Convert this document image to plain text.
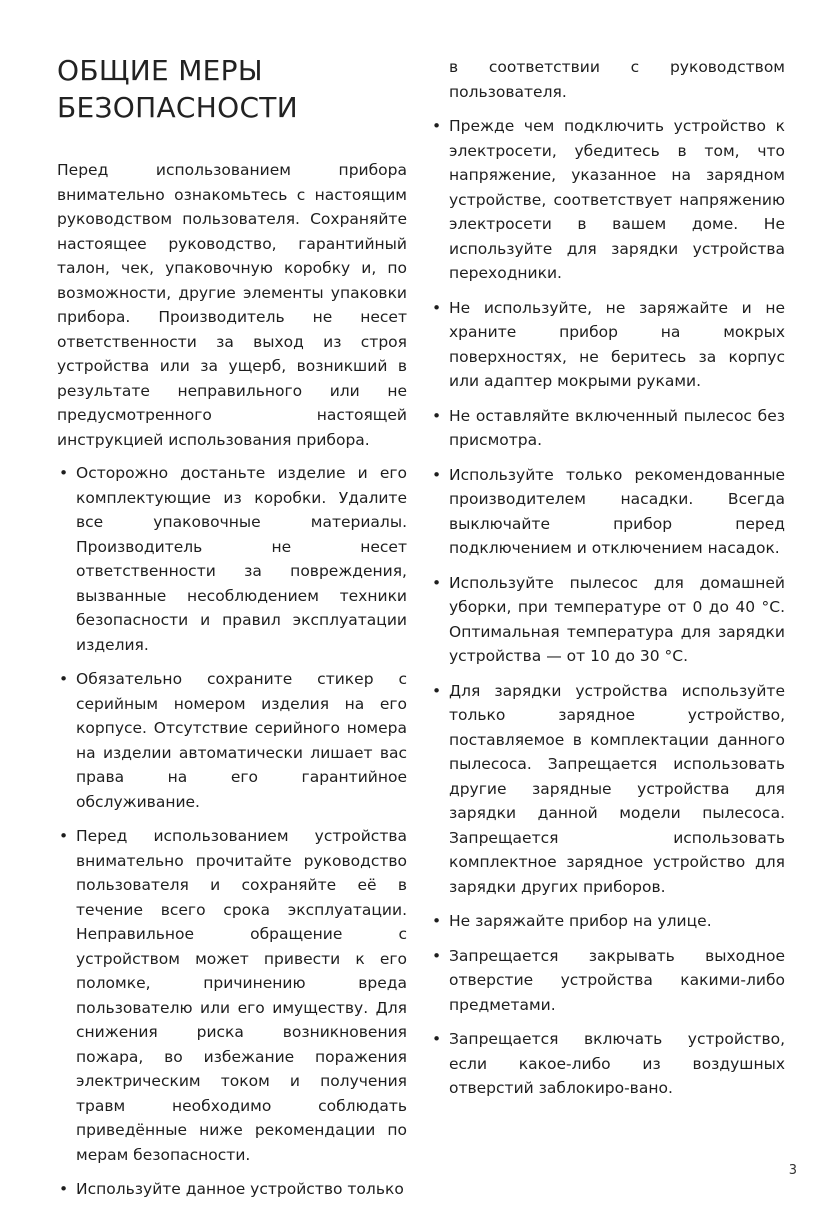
ОБЩИЕ МЕРЫ
БЕЗОПАСНОСТИ

Перед использованием прибора внимательно ознакомьтесь с настоящим руководством пользователя. Сохраняйте настоящее руководство, гарантийный талон, чек, упаковочную коробку и, по возможности, другие элементы упаковки прибора. Производитель не несет ответственности за выход из строя устройства или за ущерб, возникший в результате неправильного или не предусмотренного настоящей инструкцией использования прибора.

• Осторожно достаньте изделие и его комплектующие из коробки. Удалите все упаковочные материалы. Производитель не несет ответственности за повреждения, вызванные несоблюдением техники безопасности и правил эксплуатации изделия.
• Обязательно сохраните стикер с серийным номером изделия на его корпусе. Отсутствие серийного номера на изделии автоматически лишает вас права на его гарантийное обслуживание.
• Перед использованием устройства внимательно прочитайте руководство пользователя и сохраняйте её в течение всего срока эксплуатации. Неправильное обращение с устройством может привести к его поломке, причинению вреда пользователю или его имуществу. Для снижения риска возникновения пожара, во избежание поражения электрическим током и получения травм необходимо соблюдать приведённые ниже рекомендации по мерам безопасности.
• Используйте данное устройство только

в соответствии с руководством пользователя.

• Прежде чем подключить устройство к электросети, убедитесь в том, что напряжение, указанное на зарядном устройстве, соответствует напряжению электросети в вашем доме. Не используйте для зарядки устройства переходники.
• Не используйте, не заряжайте и не храните прибор на мокрых поверхностях, не беритесь за корпус или адаптер мокрыми руками.
• Не оставляйте включенный пылесос без присмотра.
• Используйте только рекомендованные производителем насадки. Всегда выключайте прибор перед подключением и отключением насадок.
• Используйте пылесос для домашней уборки, при температуре от 0 до 40 °C. Оптимальная температура для зарядки устройства — от 10 до 30 °C.
• Для зарядки устройства используйте только зарядное устройство, поставляемое в комплектации данного пылесоса. Запрещается использовать другие зарядные устройства для зарядки данной модели пылесоса. Запрещается использовать комплектное зарядное устройство для зарядки других приборов.
• Не заряжайте прибор на улице.
• Запрещается закрывать выходное отверстие устройства какими-либо предметами.
• Запрещается включать устройство, если какое-либо из воздушных отверстий заблокиро-вано.
3
